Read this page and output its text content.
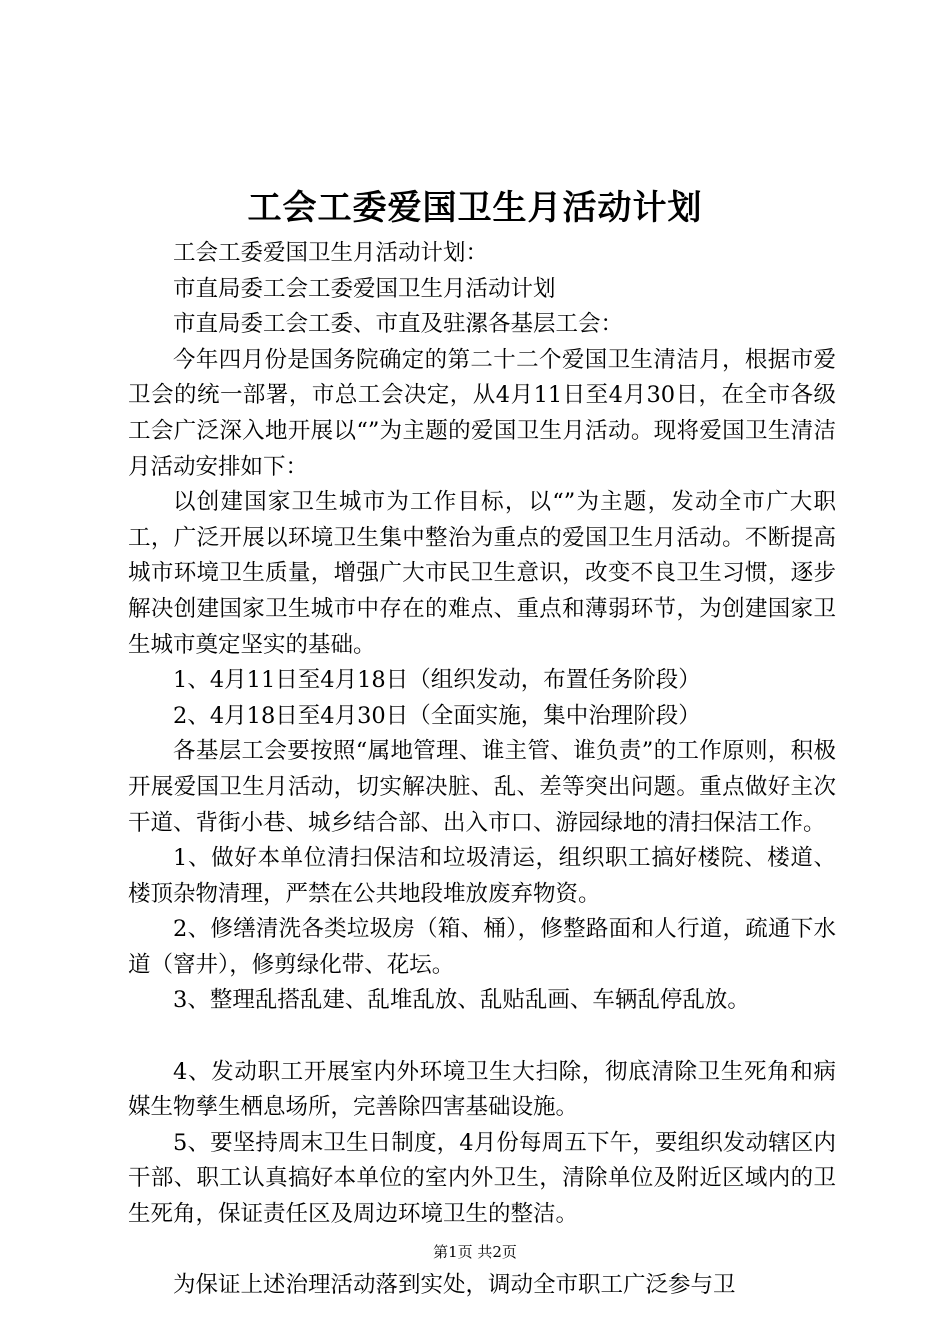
工会工委爱国卫生月活动计划

工会工委爱国卫生月活动计划：

市直局委工会工委爱国卫生月活动计划

市直局委工会工委、市直及驻漯各基层工会：

今年四月份是国务院确定的第二十二个爱国卫生清洁月，根据市爱卫会的统一部署，市总工会决定，从4月11日至4月30日，在全市各级工会广泛深入地开展以“”为主题的爱国卫生月活动。现将爱国卫生清洁月活动安排如下：

以创建国家卫生城市为工作目标，以“”为主题，发动全市广大职工，广泛开展以环境卫生集中整治为重点的爱国卫生月活动。不断提高城市环境卫生质量，增强广大市民卫生意识，改变不良卫生习惯，逐步解决创建国家卫生城市中存在的难点、重点和薄弱环节，为创建国家卫生城市奠定坚实的基础。

1、4月11日至4月18日（组织发动，布置任务阶段）

2、4月18日至4月30日（全面实施，集中治理阶段）

各基层工会要按照“属地管理、谁主管、谁负责”的工作原则，积极开展爱国卫生月活动，切实解决脏、乱、差等突出问题。重点做好主次干道、背街小巷、城乡结合部、出入市口、游园绿地的清扫保洁工作。

1、做好本单位清扫保洁和垃圾清运，组织职工搞好楼院、楼道、楼顶杂物清理，严禁在公共地段堆放废弃物资。

2、修缮清洗各类垃圾房（箱、桶），修整路面和人行道，疏通下水道（窨井），修剪绿化带、花坛。

3、整理乱搭乱建、乱堆乱放、乱贴乱画、车辆乱停乱放。

4、发动职工开展室内外环境卫生大扫除，彻底清除卫生死角和病媒生物孳生栖息场所，完善除四害基础设施。

5、要坚持周末卫生日制度，4月份每周五下午，要组织发动辖区内干部、职工认真搞好本单位的室内外卫生，清除单位及附近区域内的卫生死角，保证责任区及周边环境卫生的整洁。

为保证上述治理活动落到实处，调动全市职工广泛参与卫

第1页 共2页
